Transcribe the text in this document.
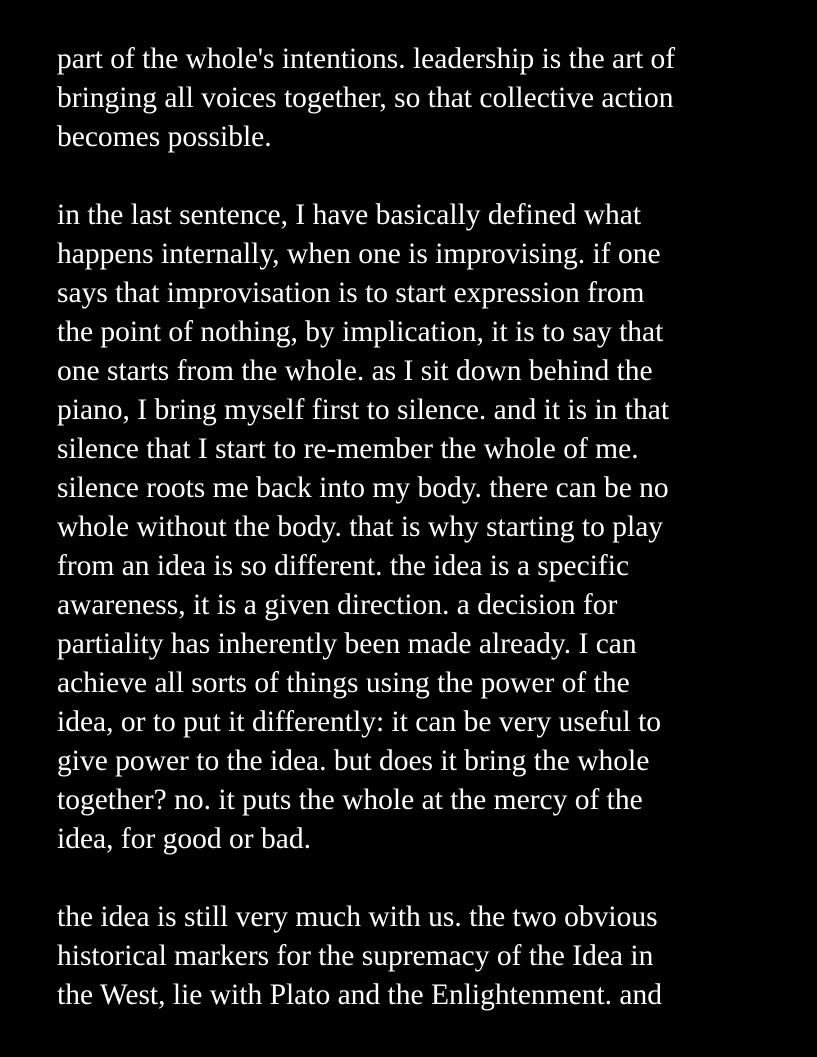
part of the whole's intentions. leadership is the art of
bringing all voices together, so that collective action
becomes possible.
in the last sentence, I have basically defined what
happens internally, when one is improvising. if one
says that improvisation is to start expression from
the point of nothing, by implication, it is to say that
one starts from the whole. as I sit down behind the
piano, I bring myself first to silence. and it is in that
silence that I start to re-member the whole of me.
silence roots me back into my body. there can be no
whole without the body. that is why starting to play
from an idea is so different. the idea is a specific
awareness, it is a given direction. a decision for
partiality has inherently been made already. I can
achieve all sorts of things using the power of the
idea, or to put it differently: it can be very useful to
give power to the idea. but does it bring the whole
together? no. it puts the whole at the mercy of the
idea, for good or bad.
the idea is still very much with us. the two obvious
historical markers for the supremacy of the Idea in
the West, lie with Plato and the Enlightenment. and
